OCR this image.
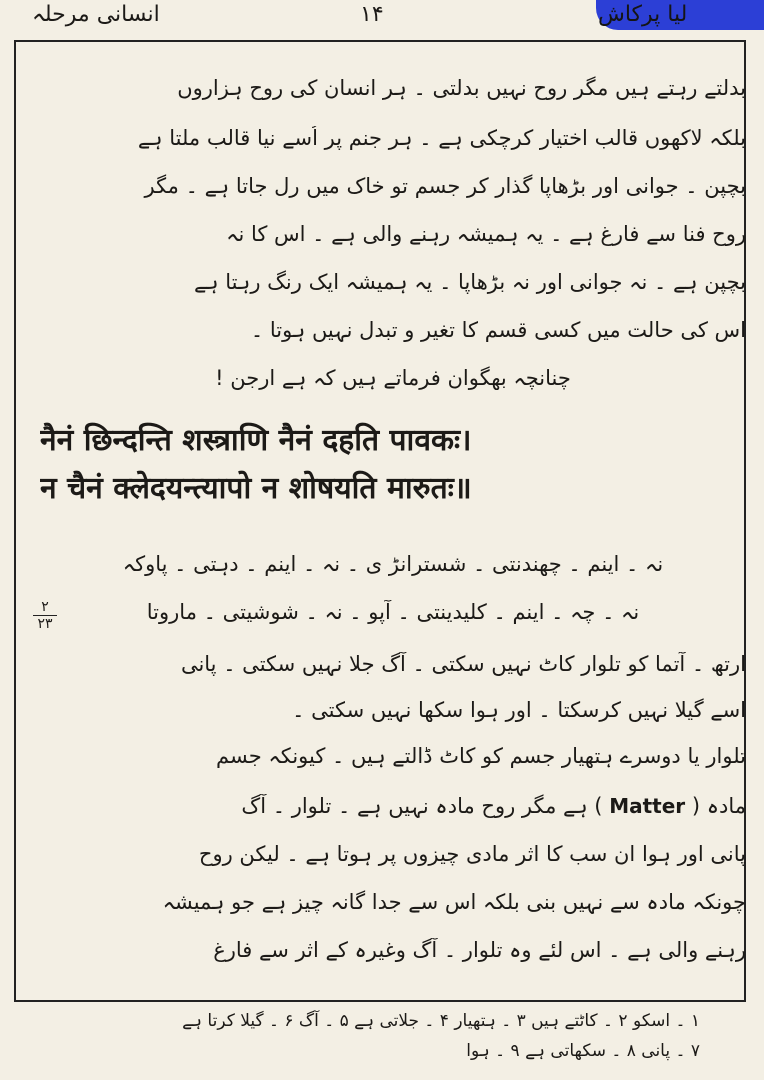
انسانی مرحلہ	۱۴	لیا پرکاش
بدلتے رہتے ہیں مگر روح نہیں بدلتی ۔ ہر انسان کی روح ہزاروں
بلکہ لاکھوں قالب اختیار کرچکی ہے ۔ ہر جنم پر اُسے نیا قالب ملتا ہے
بچپن ۔ جوانی اور بڑھاپا گذار کر جسم تو خاک میں رل جاتا ہے ۔ مگر
روح فنا سے فارغ ہے ۔ یہ ہمیشہ رہنے والی ہے ۔ اس کا نہ
بچپن ہے ۔ نہ جوانی اور نہ بڑھاپا ۔ یہ ہمیشہ ایک رنگ رہتا ہے
اس کی حالت میں کسی قسم کا تغیر و تبدل نہیں ہوتا ۔
چنانچہ بھگوان فرماتے ہیں کہ ہے ارجن !
नैनं छिन्दन्ति शस्त्राणि नैनं दहति पावकः।
न चैनं क्लेदयन्त्यापो न शोषयति मारुतः॥
نہ ۔ اینم ۔ چھندنتی ۔ شسترانڑ ی ۔ نہ ۔ اینم ۔ دہتی ۔ پاوکہ
نہ ۔ چہ ۔ اینم ۔ کلیدینتی ۔ آپو ۔ نہ ۔ شوشیتی ۔ ماروتا
ارتھ ۔ آتما کو تلوار کاٹ نہیں سکتی ۔ آگ جلا نہیں سکتی ۔ پانی
اسے گیلا نہیں کرسکتا ۔ اور ہوا سکھا نہیں سکتی ۔
تلوار یا دوسرے ہتھیار جسم کو کاٹ ڈالتے ہیں ۔ کیونکہ جسم
مادہ ( Matter ) ہے مگر روح مادہ نہیں ہے ۔ تلوار ۔ آگ
پانی اور ہوا ان سب کا اثر مادی چیزوں پر ہوتا ہے ۔ لیکن روح
چونکہ مادہ سے نہیں بنی بلکہ اس سے جدا گانہ چیز ہے جو ہمیشہ
رہنے والی ہے ۔ اس لئے وہ تلوار ۔ آگ وغیرہ کے اثر سے فارغ
۲
۲۳
۱ ۔ اسکو ۲ ۔ کاٹتے ہیں ۳ ۔ ہتھیار ۴ ۔ جلاتی ہے ۵ ۔ آگ ۶ ۔ گیلا کرتا ہے
۷ ۔ پانی ۸ ۔ سکھاتی ہے ۹ ۔ ہوا
